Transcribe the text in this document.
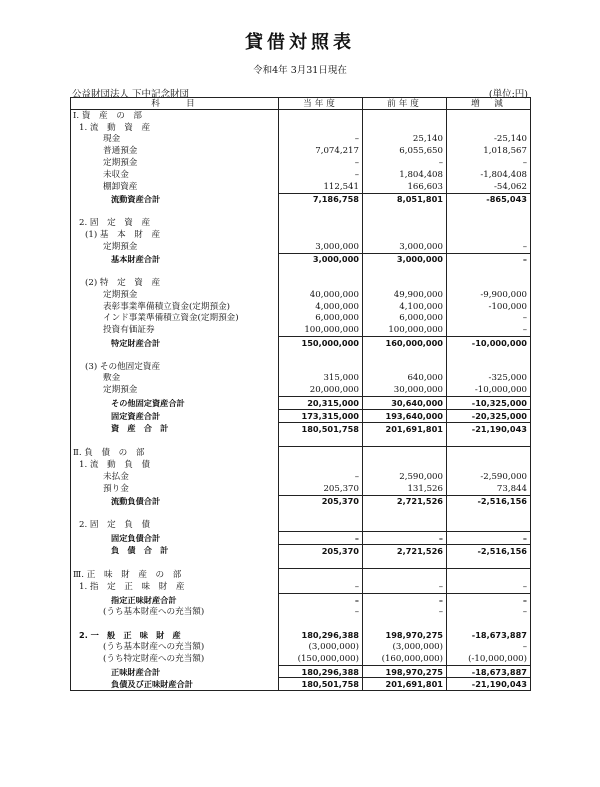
貸借対照表
令和4年 3月31日現在
公益財団法人 下中記念財団	(単位:円)
科　　目	当年度	前年度	増　減
Ⅰ. 資　産　の　部			
1. 流　動　資　産			
現金	–	25,140	-25,140
普通預金	7,074,217	6,055,650	1,018,567
定期預金	–	–	–
未収金	–	1,804,408	-1,804,408
棚卸資産	112,541	166,603	-54,062
流動資産合計	7,186,758	8,051,801	-865,043

2. 固　定　資　産			
(1) 基　本　財　産			
定期預金	3,000,000	3,000,000	–
基本財産合計	3,000,000	3,000,000	–

(2) 特　定　資　産			
定期預金	40,000,000	49,900,000	-9,900,000
表彰事業準備積立資金(定期預金)	4,000,000	4,100,000	-100,000
インド事業準備積立資金(定期預金)	6,000,000	6,000,000	–
投資有価証券	100,000,000	100,000,000	–
特定財産合計	150,000,000	160,000,000	-10,000,000

(3) その他固定資産			
敷金	315,000	640,000	-325,000
定期預金	20,000,000	30,000,000	-10,000,000
その他固定資産合計	20,315,000	30,640,000	-10,325,000
固定資産合計	173,315,000	193,640,000	-20,325,000
資　産　合　計	180,501,758	201,691,801	-21,190,043

Ⅱ. 負　債　の　部			
1. 流　動　負　債			
未払金	–	2,590,000	-2,590,000
預り金	205,370	131,526	73,844
流動負債合計	205,370	2,721,526	-2,516,156

2. 固　定　負　債			
固定負債合計	–	–	–
負　債　合　計	205,370	2,721,526	-2,516,156

Ⅲ. 正　味　財　産　の　部			
1. 指　定　正　味　財　産	–	–	–
指定正味財産合計	–	–	–
(うち基本財産への充当額)	–	–	–

2. 一　般　正　味　財　産	180,296,388	198,970,275	-18,673,887
(うち基本財産への充当額)	(3,000,000)	(3,000,000)	–
(うち特定財産への充当額)	(150,000,000)	(160,000,000)	(-10,000,000)
正味財産合計	180,296,388	198,970,275	-18,673,887
負債及び正味財産合計	180,501,758	201,691,801	-21,190,043
